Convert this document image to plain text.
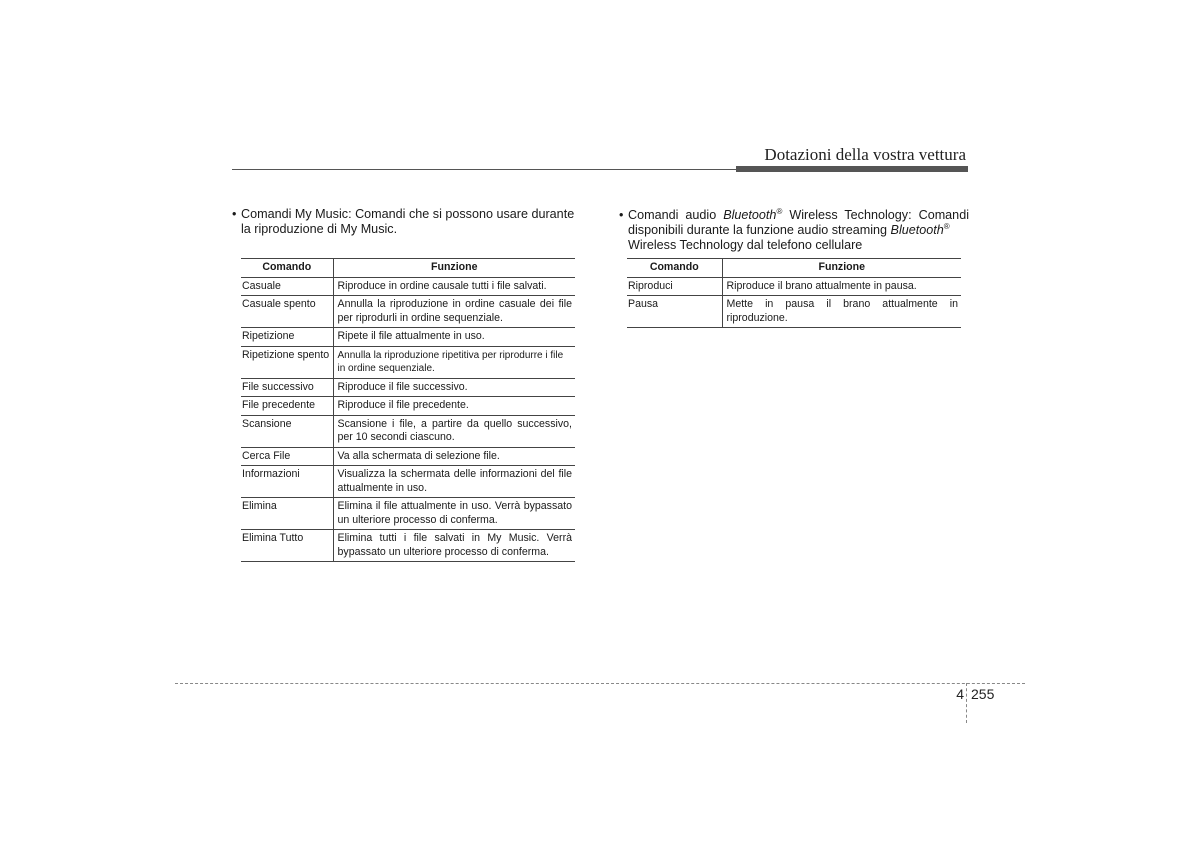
Dotazioni della vostra vettura
• Comandi My Music: Comandi che si possono usare durante la riproduzione di My Music.
Comando	Funzione
Casuale	Riproduce in ordine causale tutti i file salvati.
Casuale spento	Annulla la riproduzione in ordine casuale dei file per riprodurli in ordine sequenziale.
Ripetizione	Ripete il file attualmente in uso.
Ripetizione spento	Annulla la riproduzione ripetitiva per riprodurre i file in ordine sequenziale.
File successivo	Riproduce il file successivo.
File precedente	Riproduce il file precedente.
Scansione	Scansione i file, a partire da quello successivo, per 10 secondi ciascuno.
Cerca File	Va alla schermata di selezione file.
Informazioni	Visualizza la schermata delle informazioni del file attualmente in uso.
Elimina	Elimina il file attualmente in uso. Verrà bypassato un ulteriore processo di conferma.
Elimina Tutto	Elimina tutti i file salvati in My Music. Verrà bypassato un ulteriore processo di conferma.
• Comandi audio Bluetooth® Wireless Technology: Comandi disponibili durante la funzione audio streaming Bluetooth®
Wireless Technology dal telefono cellulare
Comando	Funzione
Riproduci	Riproduce il brano attualmente in pausa.
Pausa	Mette in pausa il brano attualmente in riproduzione.
4 255
